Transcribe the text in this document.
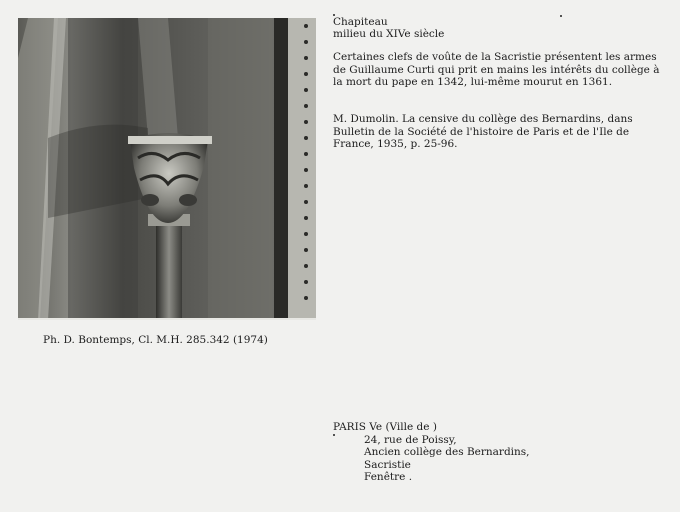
Chapiteau

milieu du XIVe siècle

Certaines clefs de voûte de la Sacristie présentent les armes de Guillaume Curti qui prit en mains les intérêts du collège à la mort du pape en 1342, lui-même mourut en 1361.

M. Dumolin. La censive du collège des Bernardins, dans Bulletin de la Société de l'histoire de Paris et de l'Ile de France, 1935, p. 25-96.

Ph. D. Bontemps, Cl. M.H. 285.342 (1974)

PARIS Ve (Ville de )
24, rue de Poissy,
Ancien collège des Bernardins,
Sacristie
Fenêtre .
